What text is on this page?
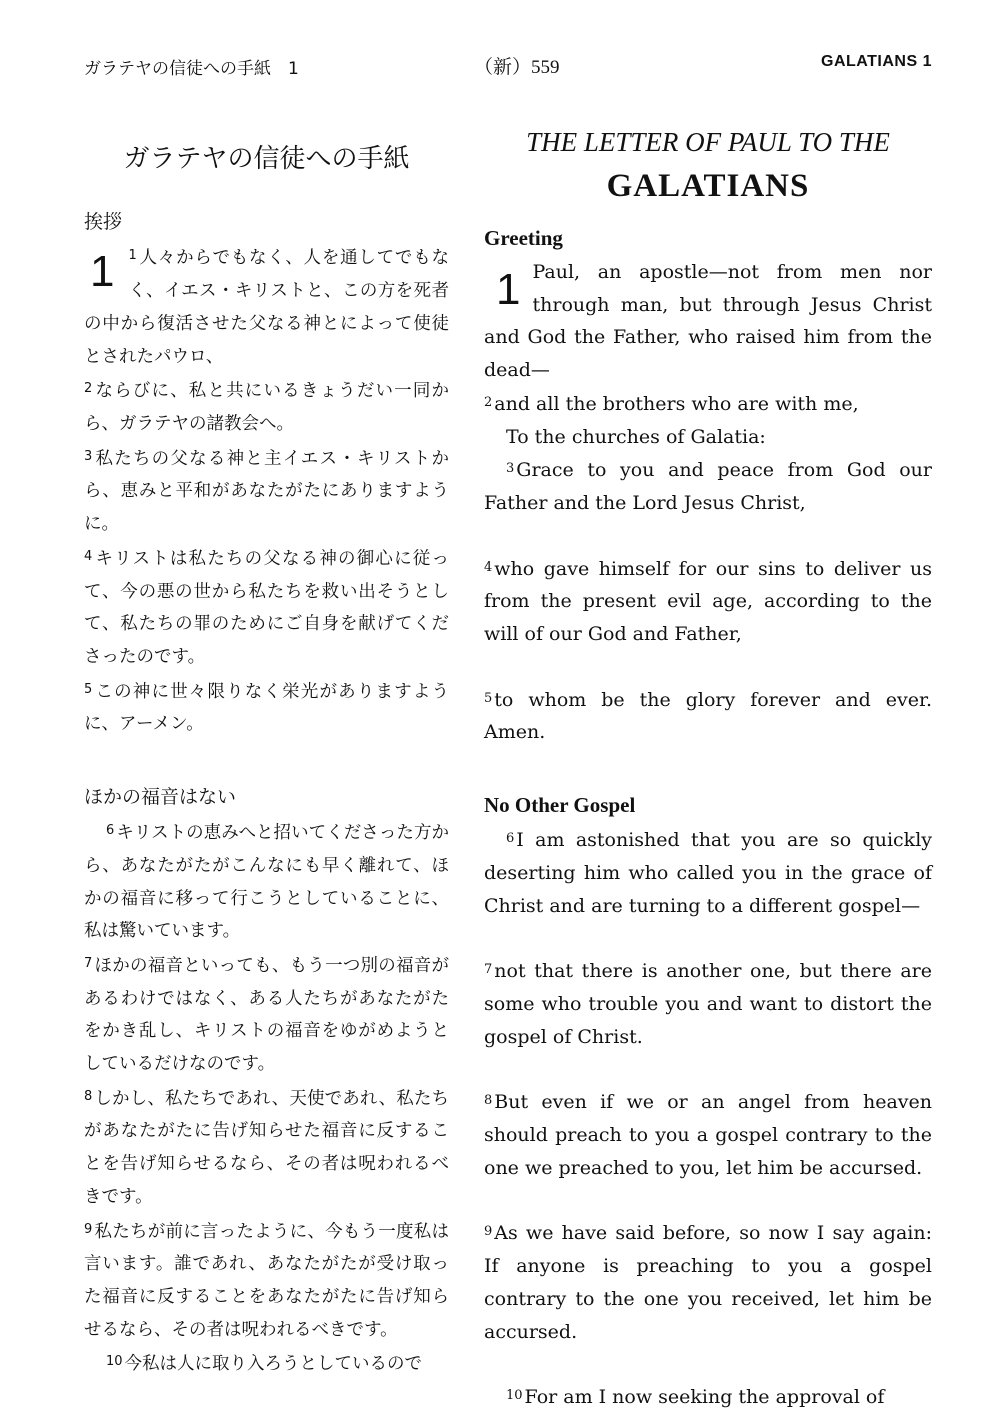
ガラテヤの信徒への手紙　1	（新）559	GALATIANS 1

ガラテヤの信徒への手紙

挨拶

1 $^1$ 人々からでもなく、人を通してでもなく、イエス・キリストと、この方を死者の中から復活させた父なる神とによって使徒とされたパウロ、

$^2$ ならびに、私と共にいるきょうだい一同から、ガラテヤの諸教会へ。

$^3$ 私たちの父なる神と主イエス・キリストから、恵みと平和があなたがたにありますように。

$^4$ キリストは私たちの父なる神の御心に従って、今の悪の世から私たちを救い出そうとして、私たちの罪のためにご自身を献げてくださったのです。

$^5$ この神に世々限りなく栄光がありますように、アーメン。

ほかの福音はない

$^6$ キリストの恵みへと招いてくださった方から、あなたがたがこんなにも早く離れて、ほかの福音に移って行こうとしていることに、私は驚いています。

$^7$ ほかの福音といっても、もう一つ別の福音があるわけではなく、ある人たちがあなたがたをかき乱し、キリストの福音をゆがめようとしているだけなのです。

$^8$ しかし、私たちであれ、天使であれ、私たちがあなたがたに告げ知らせた福音に反することを告げ知らせるなら、その者は呪われるべきです。

$^9$ 私たちが前に言ったように、今もう一度私は言います。誰であれ、あなたがたが受け取った福音に反することをあなたがたに告げ知らせるなら、その者は呪われるべきです。

$^{10}$ 今私は人に取り入ろうとしているので

THE LETTER OF PAUL TO THE

GALATIANS

Greeting

1 Paul, an apostle—not from men nor through man, but through Jesus Christ and God the Father, who raised him from the dead—

$^2$ and all the brothers who are with me,

To the churches of Galatia:

$^3$ Grace to you and peace from God our Father and the Lord Jesus Christ,

$^4$ who gave himself for our sins to deliver us from the present evil age, according to the will of our God and Father,

$^5$ to whom be the glory forever and ever. Amen.

No Other Gospel

$^6$ I am astonished that you are so quickly deserting him who called you in the grace of Christ and are turning to a different gospel—

$^7$ not that there is another one, but there are some who trouble you and want to distort the gospel of Christ.

$^8$ But even if we or an angel from heaven should preach to you a gospel contrary to the one we preached to you, let him be accursed.

$^9$ As we have said before, so now I say again: If anyone is preaching to you a gospel contrary to the one you received, let him be accursed.

$^{10}$ For am I now seeking the approval of
